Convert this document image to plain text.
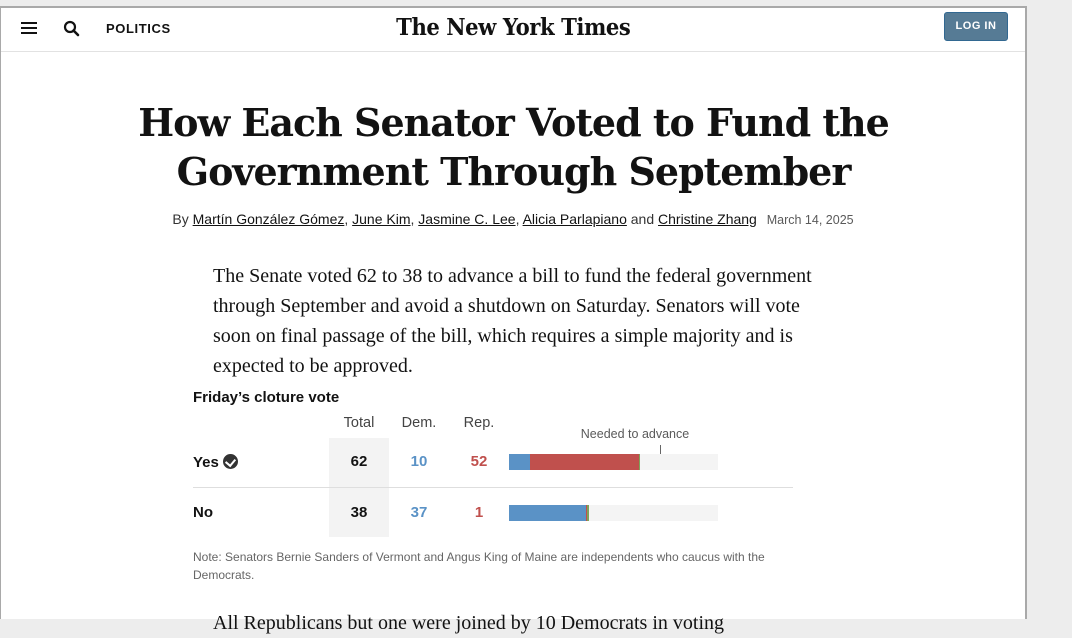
POLITICS	The New York Times	LOG IN
How Each Senator Voted to Fund the Government Through September
By Martín González Gómez, June Kim, Jasmine C. Lee, Alicia Parlapiano and Christine Zhang March 14, 2025

The Senate voted 62 to 38 to advance a bill to fund the federal government through September and avoid a shutdown on Saturday. Senators will vote soon on final passage of the bill, which requires a simple majority and is expected to be approved.

Friday’s cloture vote
Total	Dem.	Rep.
Needed to advance
Yes	62	10	52
No	38	37	1

Note: Senators Bernie Sanders of Vermont and Angus King of Maine are independents who caucus with the Democrats.

All Republicans but one were joined by 10 Democrats in voting
